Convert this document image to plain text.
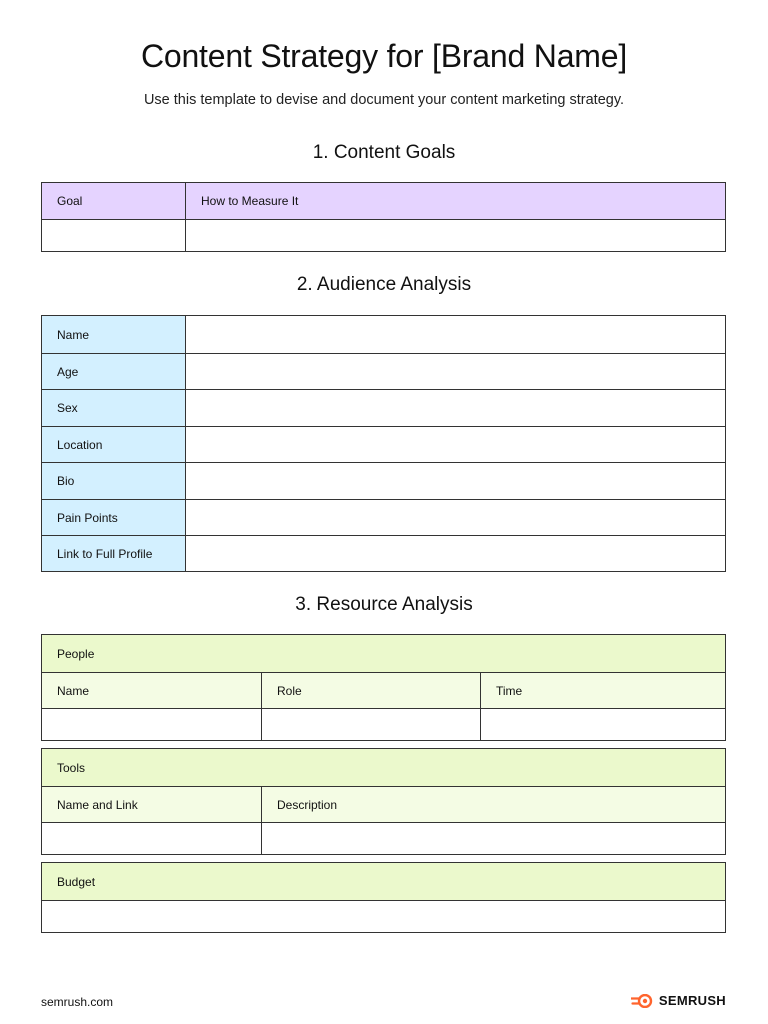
Content Strategy for [Brand Name]
Use this template to devise and document your content marketing strategy.
1. Content Goals
Goal	How to Measure It
2. Audience Analysis
Name
Age
Sex
Location
Bio
Pain Points
Link to Full Profile
3. Resource Analysis
People
Name	Role	Time
Tools
Name and Link	Description
Budget
semrush.com	SEMRUSH
